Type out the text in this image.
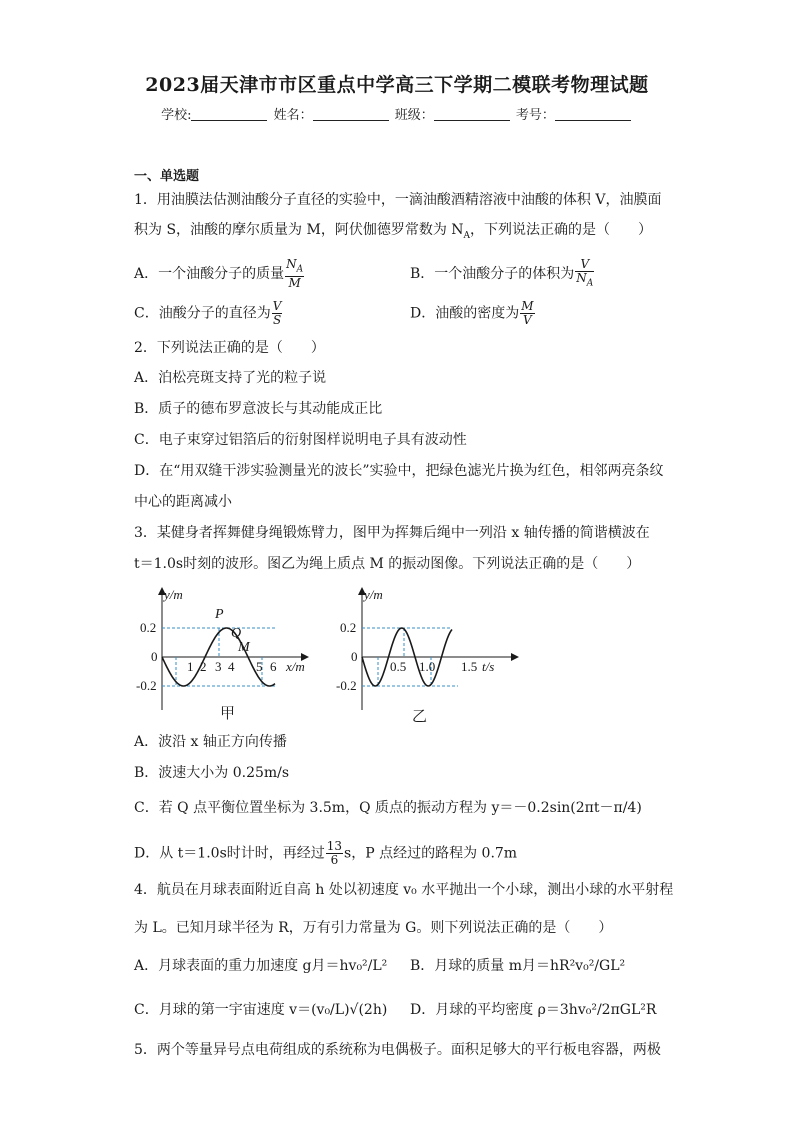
2023届天津市市区重点中学高三下学期二模联考物理试题
学校:	姓名：	班级：	考号：
一、单选题
1．用油膜法估测油酸分子直径的实验中，一滴油酸酒精溶液中油酸的体积 V，油膜面
积为 S，油酸的摩尔质量为 M，阿伏伽德罗常数为 $N_A$，下列说法正确的是（　　）
A．一个油酸分子的质量 $\frac{N_A}{M}$	B．一个油酸分子的体积为 $\frac{V}{N_A}$
C．油酸分子的直径为 $\frac{V}{S}$	D．油酸的密度为 $\frac{M}{V}$
2．下列说法正确的是（　　）
A．泊松亮斑支持了光的粒子说
B．质子的德布罗意波长与其动能成正比
C．电子束穿过铝箔后的衍射图样说明电子具有波动性
D．在“用双缝干涉实验测量光的波长”实验中，把绿色滤光片换为红色，相邻两亮条纹
中心的距离减小
3．某健身者挥舞健身绳锻炼臂力，图甲为挥舞后绳中一列沿 x 轴传播的简谐横波在
t＝1.0s时刻的波形。图乙为绳上质点 M 的振动图像。下列说法正确的是（　　）
y/m
x/m
0.2
0
-0.2
1 2 3 4 5 6
P
Q
M
y/m
t/s
0.2
0
-0.2
0.5 1.0 1.5
甲	乙
A．波沿 x 轴正方向传播
B．波速大小为 0.25m/s
C．若 Q 点平衡位置坐标为 3.5m，Q 质点的振动方程为 y＝－0.2sin(2πt－π/4)
D．从 t＝1.0s时计时，再经过 $\frac{13}{6}$ s，P 点经过的路程为 0.7m
4．航员在月球表面附近自高 h 处以初速度 v₀ 水平抛出一个小球，测出小球的水平射程
为 L。已知月球半径为 R，万有引力常量为 G。则下列说法正确的是（　　）
A．月球表面的重力加速度 g月＝hv₀²/L² B．月球的质量 m月＝hR²v₀²/GL²
C．月球的第一宇宙速度 v＝(v₀/L)√(2h) D．月球的平均密度 ρ＝3hv₀²/2πGL²R
5．两个等量异号点电荷组成的系统称为电偶极子。面积足够大的平行板电容器，两极
